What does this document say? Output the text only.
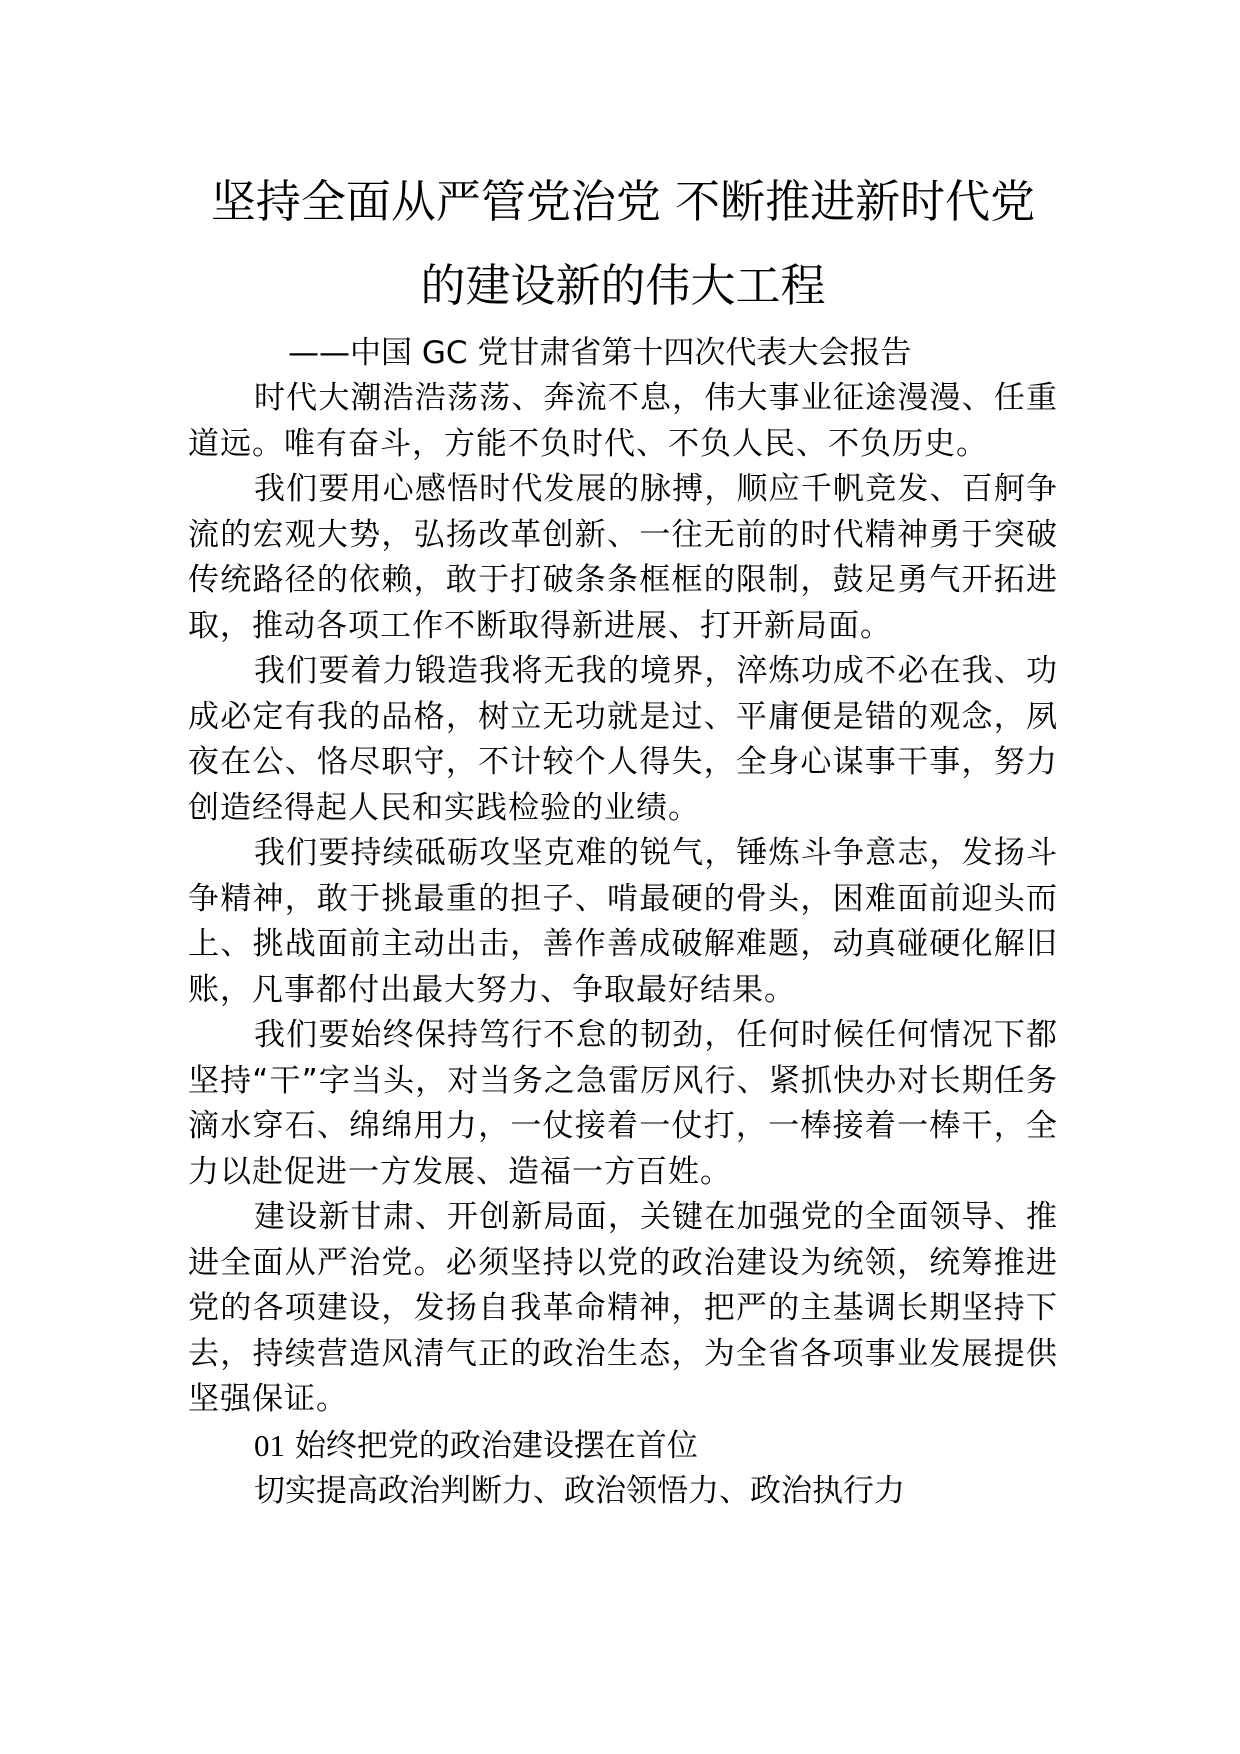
坚持全面从严管党治党 不断推进新时代党
的建设新的伟大工程

——中国 GC 党甘肃省第十四次代表大会报告

时代大潮浩浩荡荡、奔流不息，伟大事业征途漫漫、任重道远。唯有奋斗，方能不负时代、不负人民、不负历史。

我们要用心感悟时代发展的脉搏，顺应千帆竞发、百舸争流的宏观大势，弘扬改革创新、一往无前的时代精神勇于突破传统路径的依赖，敢于打破条条框框的限制，鼓足勇气开拓进取，推动各项工作不断取得新进展、打开新局面。

我们要着力锻造我将无我的境界，淬炼功成不必在我、功成必定有我的品格，树立无功就是过、平庸便是错的观念，夙夜在公、恪尽职守，不计较个人得失，全身心谋事干事，努力创造经得起人民和实践检验的业绩。

我们要持续砥砺攻坚克难的锐气，锤炼斗争意志，发扬斗争精神，敢于挑最重的担子、啃最硬的骨头，困难面前迎头而上、挑战面前主动出击，善作善成破解难题，动真碰硬化解旧账，凡事都付出最大努力、争取最好结果。

我们要始终保持笃行不怠的韧劲，任何时候任何情况下都坚持“干”字当头，对当务之急雷厉风行、紧抓快办对长期任务滴水穿石、绵绵用力，一仗接着一仗打，一棒接着一棒干，全力以赴促进一方发展、造福一方百姓。

建设新甘肃、开创新局面，关键在加强党的全面领导、推进全面从严治党。必须坚持以党的政治建设为统领，统筹推进党的各项建设，发扬自我革命精神，把严的主基调长期坚持下去，持续营造风清气正的政治生态，为全省各项事业发展提供坚强保证。

01 始终把党的政治建设摆在首位

切实提高政治判断力、政治领悟力、政治执行力
